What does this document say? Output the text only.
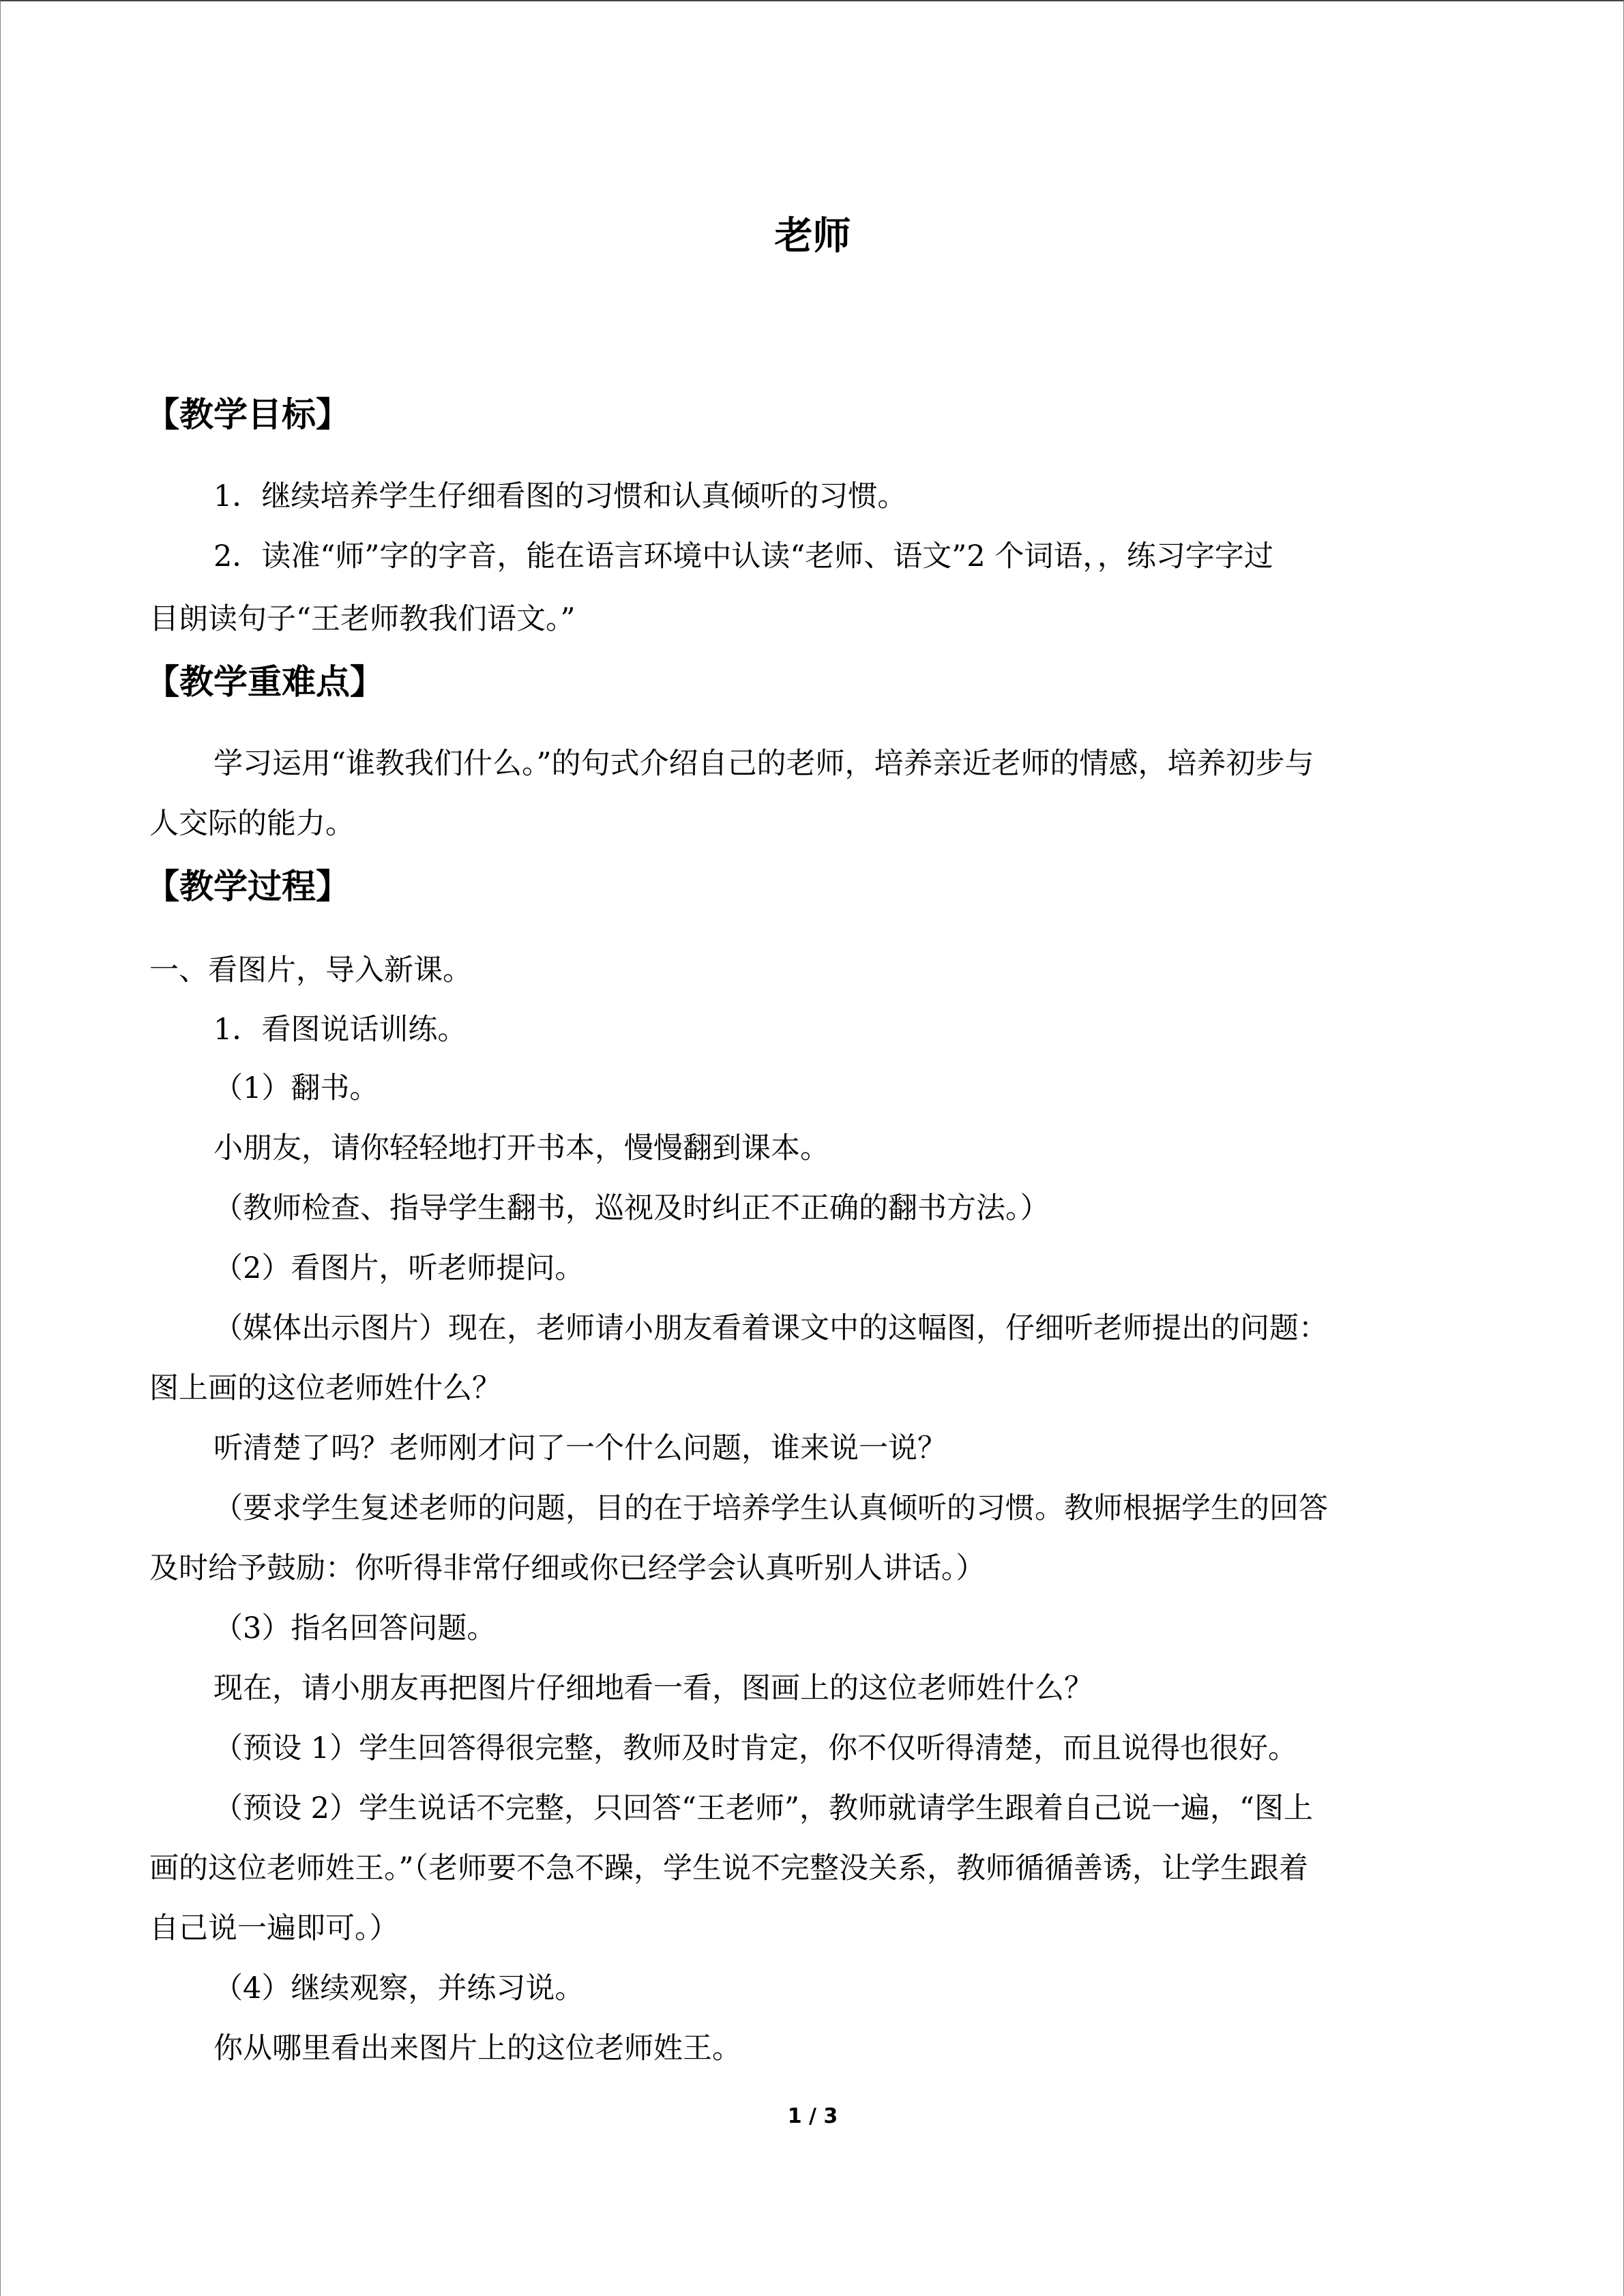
老师
【教学目标】
1．继续培养学生仔细看图的习惯和认真倾听的习惯。
2．读准“师”字的字音，能在语言环境中认读“老师、语文”2 个词语，，练习字字过
目朗读句子“王老师教我们语文。”
【教学重难点】
学习运用“谁教我们什么。”的句式介绍自己的老师，培养亲近老师的情感，培养初步与
人交际的能力。
【教学过程】
一、看图片，导入新课。
1．看图说话训练。
（1）翻书。
小朋友，请你轻轻地打开书本，慢慢翻到课本。
（教师检查、指导学生翻书，巡视及时纠正不正确的翻书方法。）
（2）看图片，听老师提问。
（媒体出示图片）现在，老师请小朋友看着课文中的这幅图，仔细听老师提出的问题：
图上画的这位老师姓什么？
听清楚了吗？老师刚才问了一个什么问题，谁来说一说？
（要求学生复述老师的问题，目的在于培养学生认真倾听的习惯。教师根据学生的回答
及时给予鼓励：你听得非常仔细或你已经学会认真听别人讲话。）
（3）指名回答问题。
现在，请小朋友再把图片仔细地看一看，图画上的这位老师姓什么？
（预设 1）学生回答得很完整，教师及时肯定，你不仅听得清楚，而且说得也很好。
（预设 2）学生说话不完整，只回答“王老师”，教师就请学生跟着自己说一遍，“图上
画的这位老师姓王。”（老师要不急不躁，学生说不完整没关系，教师循循善诱，让学生跟着
自己说一遍即可。）
（4）继续观察，并练习说。
你从哪里看出来图片上的这位老师姓王。
1 / 3
